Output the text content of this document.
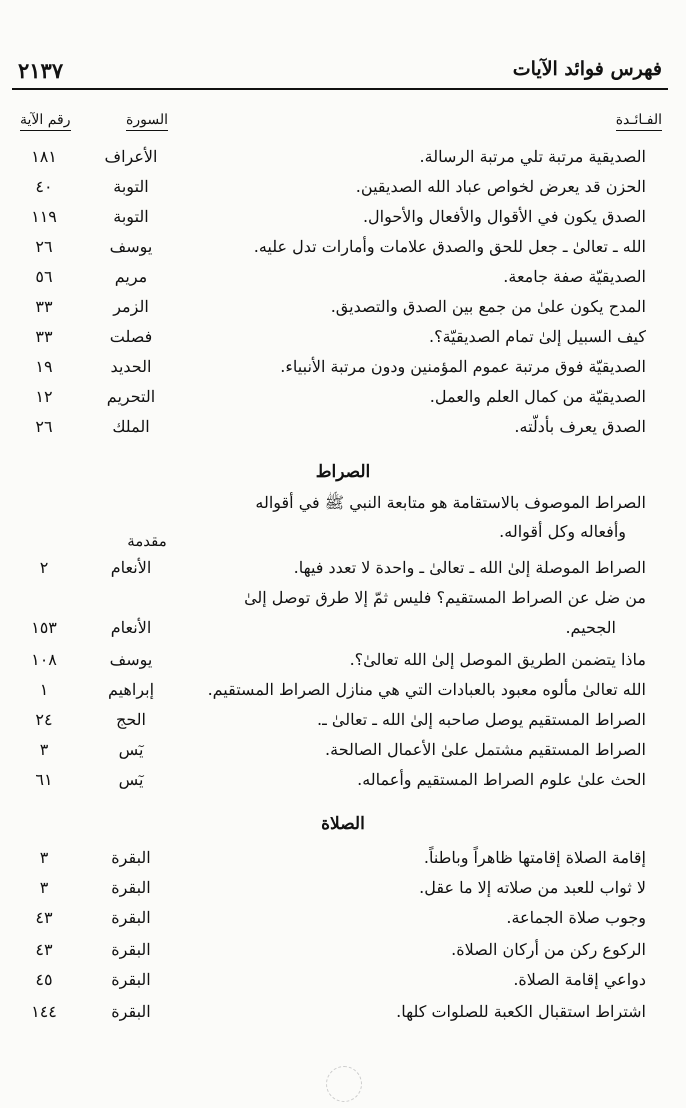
فهرس فوائد الآيات
٢١٣٧
الفـائـدة
السورة
رقم الآية
الصديقية مرتبة تلي مرتبة الرسالة.
الأعراف
١٨١
الحزن قد يعرض لخواص عباد الله الصديقين.
التوبة
٤٠
الصدق يكون في الأقوال والأفعال والأحوال.
التوبة
١١٩
الله ـ تعالىٰ ـ جعل للحق والصدق علامات وأمارات تدل عليه.
يوسف
٢٦
الصديقيّة صفة جامعة.
مريم
٥٦
المدح يكون علىٰ من جمع بين الصدق والتصديق.
الزمر
٣٣
كيف السبيل إلىٰ تمام الصديقيّة؟.
فصلت
٣٣
الصديقيّة فوق مرتبة عموم المؤمنين ودون مرتبة الأنبياء.
الحديد
١٩
الصديقيّة من كمال العلم والعمل.
التحريم
١٢
الصدق يعرف بأدلّته.
الملك
٢٦
الصراط
الصراط الموصوف بالاستقامة هو متابعة النبي ﷺ في أقواله
وأفعاله وكل أقواله.
مقدمة
الصراط الموصلة إلىٰ الله ـ تعالىٰ ـ واحدة لا تعدد فيها.
الأنعام
٢
من ضل عن الصراط المستقيم؟ فليس ثمّ إلا طرق توصل إلىٰ
الجحيم.
الأنعام
١٥٣
ماذا يتضمن الطريق الموصل إلىٰ الله تعالىٰ؟.
يوسف
١٠٨
الله تعالىٰ مألوه معبود بالعبادات التي هي منازل الصراط المستقيم.
إبراهيم
١
الصراط المستقيم يوصل صاحبه إلىٰ الله ـ تعالىٰ ـ.
الحج
٢٤
الصراط المستقيم مشتمل علىٰ الأعمال الصالحة.
يٓس
٣
الحث علىٰ علوم الصراط المستقيم وأعماله.
يٓس
٦١
الصلاة
إقامة الصلاة إقامتها ظاهراً وباطناً.
البقرة
٣
لا ثواب للعبد من صلاته إلا ما عقل.
البقرة
٣
وجوب صلاة الجماعة.
البقرة
٤٣
الركوع ركن من أركان الصلاة.
البقرة
٤٣
دواعي إقامة الصلاة.
البقرة
٤٥
اشتراط استقبال الكعبة للصلوات كلها.
البقرة
١٤٤
